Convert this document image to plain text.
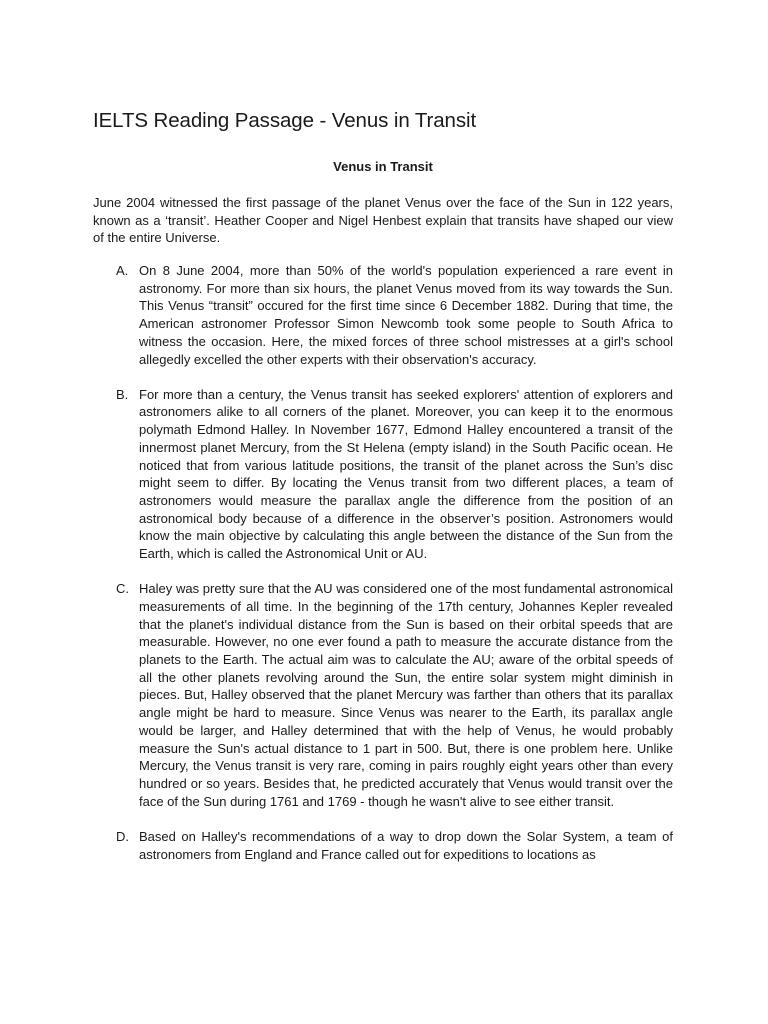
IELTS Reading Passage - Venus in Transit
Venus in Transit

June 2004 witnessed the first passage of the planet Venus over the face of the Sun in 122 years, known as a ‘transit’. Heather Cooper and Nigel Henbest explain that transits have shaped our view of the entire Universe.

A. On 8 June 2004, more than 50% of the world's population experienced a rare event in astronomy. For more than six hours, the planet Venus moved from its way towards the Sun. This Venus “transit” occured for the first time since 6 December 1882. During that time, the American astronomer Professor Simon Newcomb took some people to South Africa to witness the occasion. Here, the mixed forces of three school mistresses at a girl's school allegedly excelled the other experts with their observation's accuracy.
B. For more than a century, the Venus transit has seeked explorers' attention of explorers and astronomers alike to all corners of the planet. Moreover, you can keep it to the enormous polymath Edmond Halley. In November 1677, Edmond Halley encountered a transit of the innermost planet Mercury, from the St Helena (empty island) in the South Pacific ocean. He noticed that from various latitude positions, the transit of the planet across the Sun’s disc might seem to differ. By locating the Venus transit from two different places, a team of astronomers would measure the parallax angle the difference from the position of an astronomical body because of a difference in the observer’s position. Astronomers would know the main objective by calculating this angle between the distance of the Sun from the Earth, which is called the Astronomical Unit or AU.
C. Haley was pretty sure that the AU was considered one of the most fundamental astronomical measurements of all time. In the beginning of the 17th century, Johannes Kepler revealed that the planet's individual distance from the Sun is based on their orbital speeds that are measurable. However, no one ever found a path to measure the accurate distance from the planets to the Earth. The actual aim was to calculate the AU; aware of the orbital speeds of all the other planets revolving around the Sun, the entire solar system might diminish in pieces. But, Halley observed that the planet Mercury was farther than others that its parallax angle might be hard to measure. Since Venus was nearer to the Earth, its parallax angle would be larger, and Halley determined that with the help of Venus, he would probably measure the Sun's actual distance to 1 part in 500. But, there is one problem here. Unlike Mercury, the Venus transit is very rare, coming in pairs roughly eight years other than every hundred or so years. Besides that, he predicted accurately that Venus would transit over the face of the Sun during 1761 and 1769 - though he wasn't alive to see either transit.
D. Based on Halley's recommendations of a way to drop down the Solar System, a team of astronomers from England and France called out for expeditions to locations as
